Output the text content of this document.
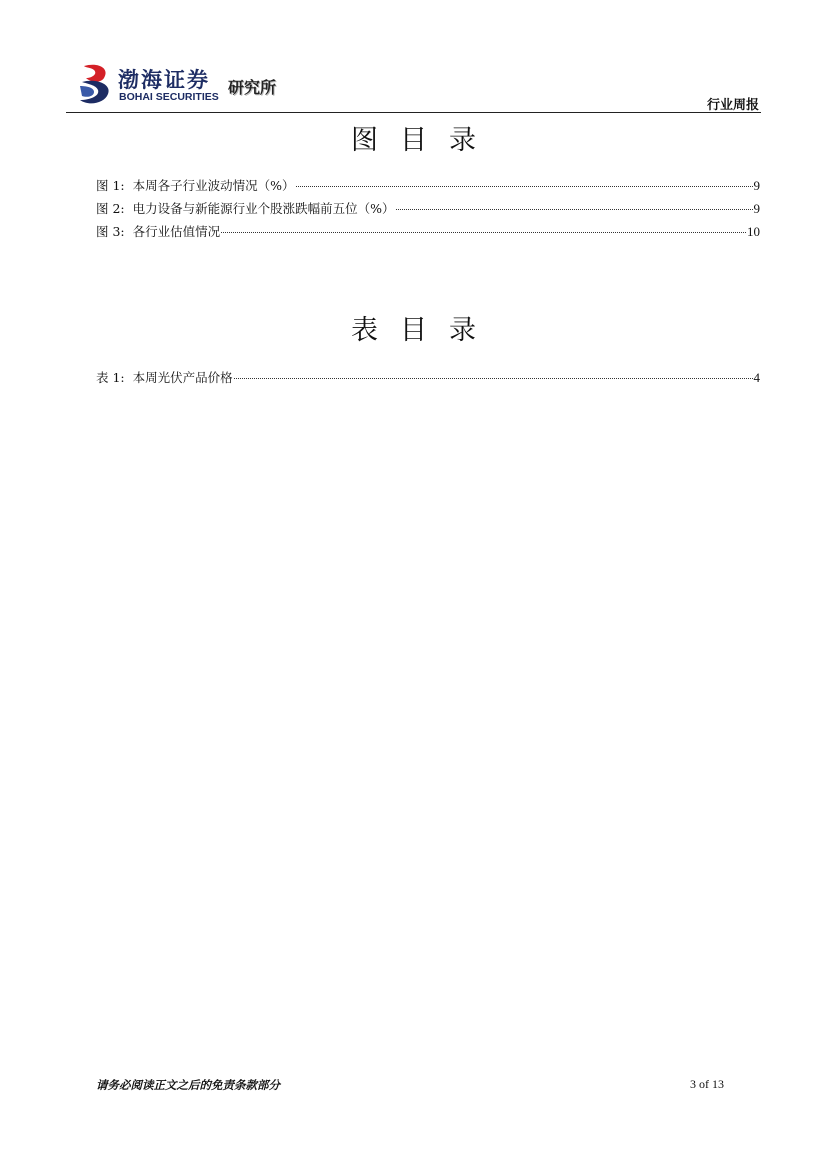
渤海证券
BOHAI SECURITIES 研究所
行业周报
图目录
图 1: 本周各子行业波动情况（%）	9
图 2: 电力设备与新能源行业个股涨跌幅前五位（%）	9
图 3: 各行业估值情况	10
表目录
表 1: 本周光伏产品价格	4
请务必阅读正文之后的免责条款部分	3 of 13
